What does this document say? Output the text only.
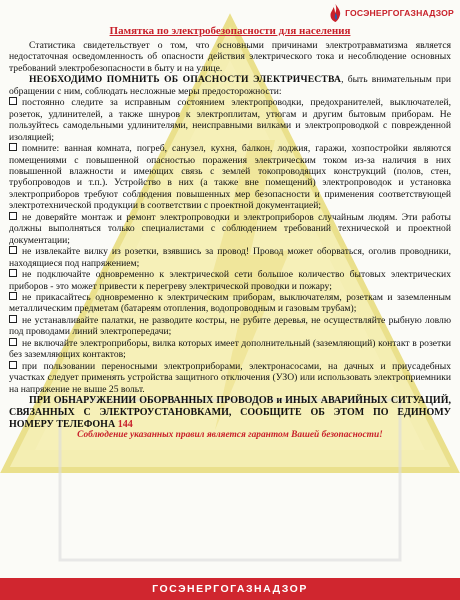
ГОСЭНЕРГОГАЗНАДЗОР
Памятка по электробезопасности для населения

Статистика свидетельствует о том, что основными причинами электротравматизма является недостаточная осведомленность об опасности действия электрического тока и несоблюдение основных требований электробезопасности в быту и на улице.

НЕОБХОДИМО ПОМНИТЬ ОБ ОПАСНОСТИ ЭЛЕКТРИЧЕСТВА, быть внимательным при обращении с ним, соблюдать несложные меры предосторожности:

постоянно следите за исправным состоянием электропроводки, предохранителей, выключателей, розеток, удлинителей, а также шнуров к электроплитам, утюгам и другим бытовым приборам. Не пользуйтесь самодельными удлинителями, неисправными вилками и электропроводкой с поврежденной изоляцией;
помните: ванная комната, погреб, санузел, кухня, балкон, лоджия, гаражи, хозпостройки являются помещениями с повышенной опасностью поражения электрическим током из-за наличия в них повышенной влажности и имеющих связь с землей токопроводящих конструкций (полов, стен, трубопроводов и т.п.). Устройство в них (а также вне помещений) электропроводок и установка электроприборов требуют соблюдения повышенных мер безопасности и применения соответствующей электротехнической продукции в соответствии с проектной документацией;
не доверяйте монтаж и ремонт электропроводки и электроприборов случайным людям. Эти работы должны выполняться только специалистами с соблюдением требований технической и проектной документации;
не извлекайте вилку из розетки, взявшись за провод! Провод может оборваться, оголив проводники, находящиеся под напряжением;
не подключайте одновременно к электрической сети большое количество бытовых электрических приборов - это может привести к перегреву электрической проводки и пожару;
не прикасайтесь одновременно к электрическим приборам, выключателям, розеткам и заземленным металлическим предметам (батареям отопления, водопроводным и газовым трубам);
не устанавливайте палатки, не разводите костры, не рубите деревья, не осуществляйте рыбную ловлю под проводами линий электропередачи;
не включайте электроприборы, вилка которых имеет дополнительный (заземляющий) контакт в розетки без заземляющих контактов;
при пользовании переносными электроприборами, электронасосами, на дачных и приусадебных участках следует применять устройства защитного отключения (УЗО) или использовать электроприемники на напряжение не выше 25 вольт.

ПРИ ОБНАРУЖЕНИИ ОБОРВАННЫХ ПРОВОДОВ и ИНЫХ АВАРИЙНЫХ СИТУАЦИЙ, СВЯЗАННЫХ С ЭЛЕКТРОУСТАНОВКАМИ, СООБЩИТЕ ОБ ЭТОМ ПО ЕДИНОМУ НОМЕРУ ТЕЛЕФОНА 144

Соблюдение указанных правил является гарантом Вашей безопасности!

ГОСЭНЕРГОГАЗНАДЗОР
